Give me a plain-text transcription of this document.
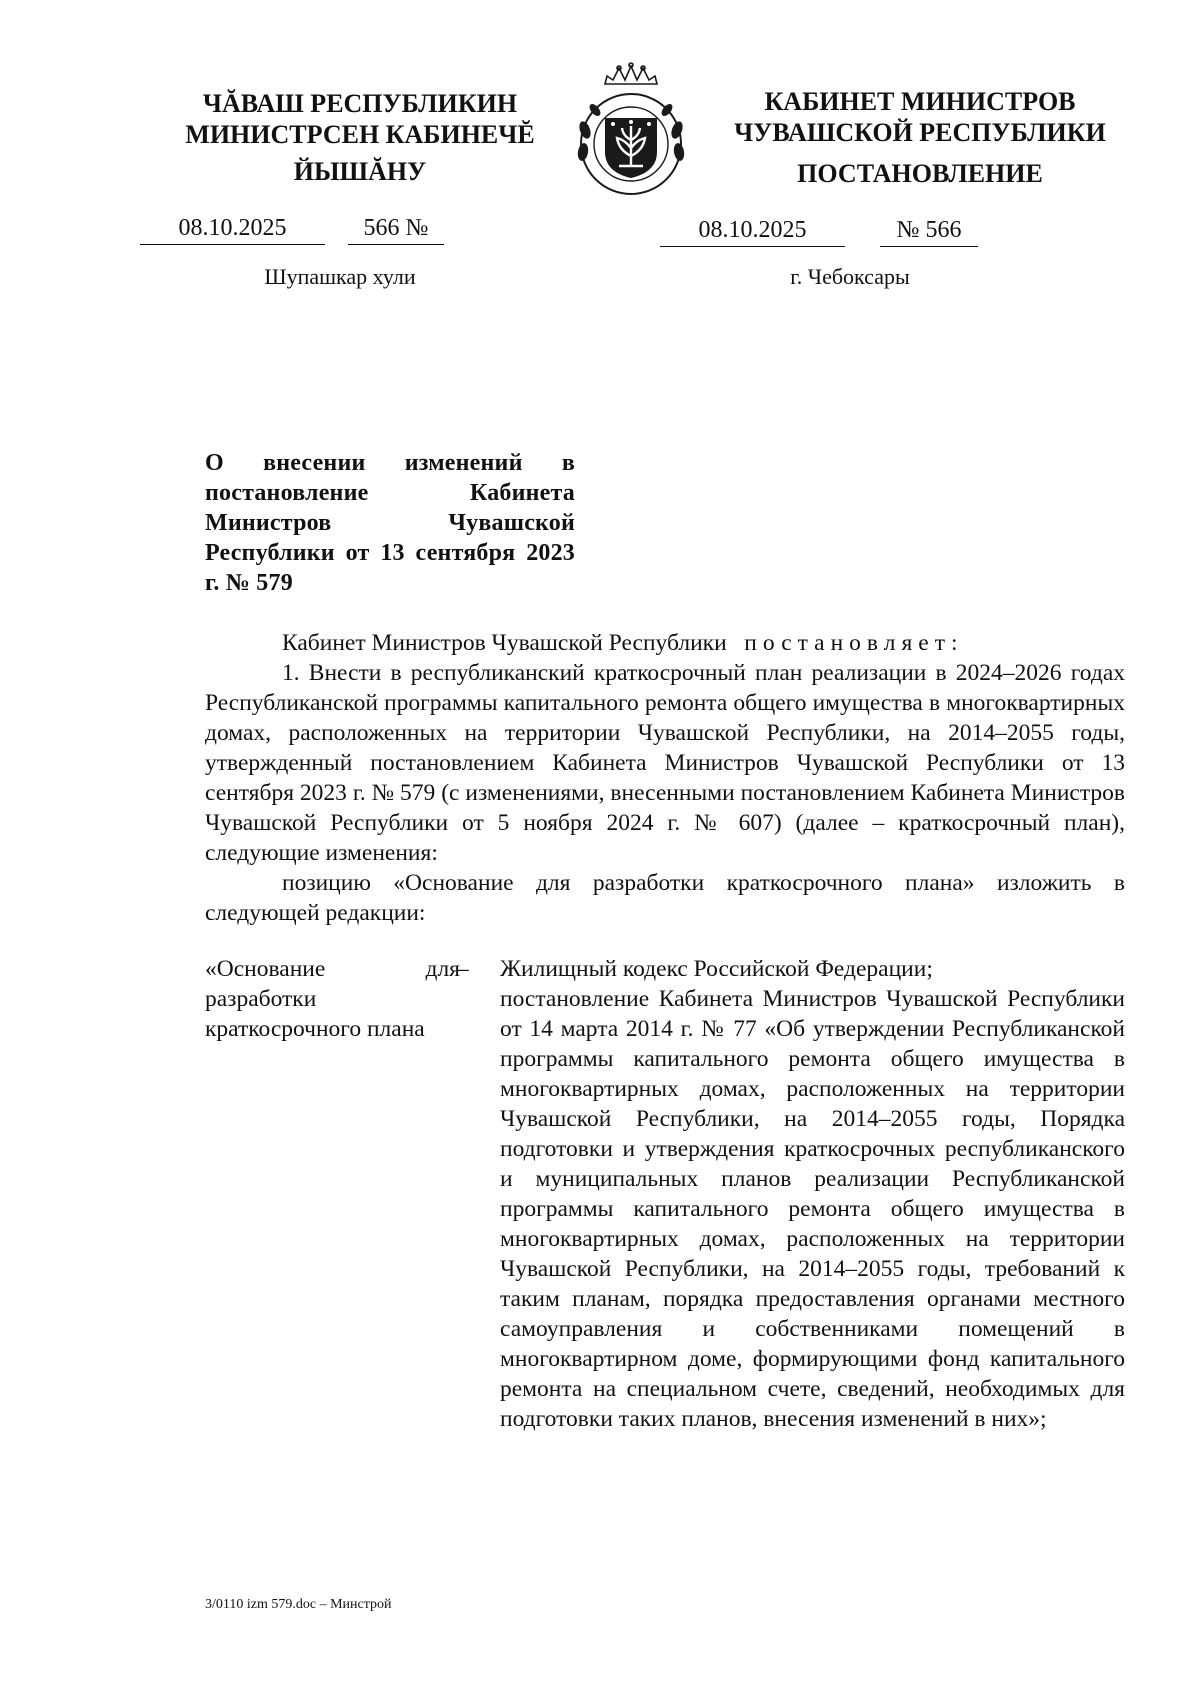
ЧĂВАШ РЕСПУБЛИКИН
МИНИСТРСЕН КАБИНЕЧĔ
ЙЫШĂНУ
08.10.2025	566 №
Шупашкар хули
КАБИНЕТ МИНИСТРОВ
ЧУВАШСКОЙ РЕСПУБЛИКИ
ПОСТАНОВЛЕНИЕ
08.10.2025	№ 566
г. Чебоксары
О внесении изменений в постановление Кабинета Министров Чувашской Республики от 13 сентября 2023 г. № 579
Кабинет Министров Чувашской Республики постановляет:
1. Внести в республиканский краткосрочный план реализации в 2024–2026 годах Республиканской программы капитального ремонта общего имущества в многоквартирных домах, расположенных на территории Чувашской Республики, на 2014–2055 годы, утвержденный постановлением Кабинета Министров Чувашской Республики от 13 сентября 2023 г. № 579 (с изменениями, внесенными постановлением Кабинета Министров Чувашской Республики от 5 ноября 2024 г. № 607) (далее – краткосрочный план), следующие изменения:
позицию «Основание для разработки краткосрочного плана» изложить в следующей редакции:
«Основание для разработки краткосрочного плана
– Жилищный кодекс Российской Федерации;
постановление Кабинета Министров Чувашской Республики от 14 марта 2014 г. № 77 «Об утверждении Республиканской программы капитального ремонта общего имущества в многоквартирных домах, расположенных на территории Чувашской Республики, на 2014–2055 годы, Порядка подготовки и утверждения краткосрочных республиканского и муниципальных планов реализации Республиканской программы капитального ремонта общего имущества в многоквартирных домах, расположенных на территории Чувашской Республики, на 2014–2055 годы, требований к таким планам, порядка предоставления органами местного самоуправления и собственниками помещений в многоквартирном доме, формирующими фонд капитального ремонта на специальном счете, сведений, необходимых для подготовки таких планов, внесения изменений в них»;
3/0110 izm 579.doc – Минстрой
